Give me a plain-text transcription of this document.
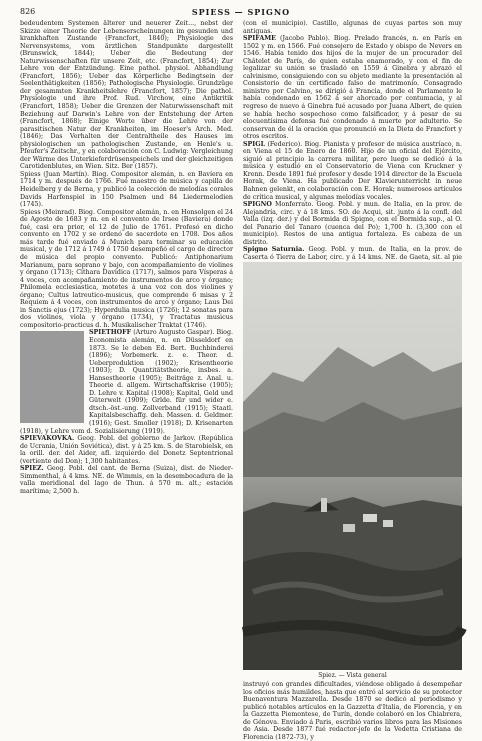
826	SPIESS — SPIGNO

bedeudentem Systemen älterer und neuerer Zeit..., nebst der Skizze einer Theorie der Lebenserscheinungen im gesunden und krankhaften Zustande (Francfort, 1840); Physiologie des Nervensystems, vom ärztlichen Standpunkte dargestellt (Brunswick, 1844); Ueber die Bedeutung der Naturwissenschaften für unsere Zeit, etc. (Francfort, 1854); Zur Lehre von der Entzündung. Eine pathol. physiol. Abhandlung (Francfort, 1856); Ueber das Körperliche Bedingtsein der Seelenthätigkeiten (1856); Pathologische Physiologie. Grundzüge der gesammten Krankheitslehre (Francfort, 1857); Die pathol. Physiologie und ihre Prof. Rud. Virchow, eine Antikritik (Francfort, 1858); Ueber die Grenzen der Naturwissenschaft mit Beziehung auf Darwin's Lehre von der Entstehung der Arten (Francfort, 1868); Einige Worte über die Lehre von der parasitischen Natur der Krankheiten, im Hoeser's Arch. Med. (1846); Das Verhalten der Centraltheile des Hauses im physiologischen un pathologischen Zustande, en Henle's u. Pfeufer's Zeitschr., y en colaboración con C. Ludwig: Vergleichung der Wärme des Unterkieferdrüsenspeichels und der gleichzeitigen Carotidenblutes, en Wien. Sitz. Ber (1857).

Spiess (Juan Martín). Biog. Compositor alemán, n. en Bavíera en 1714 y m. después de 1766. Fué maestro de música y capilla de Heidelberg y de Berna, y publicó la colección de melodías corales Davids Harfenspiel in 150 Psalmen und 84 Liedermelodien (1745).

Spiess (Meinrad). Biog. Compositor alemán, n. en Honsolgen el 24 de Agosto de 1683 y m. en el convento de Irsee (Baviera) donde fué, casi era prior, el 12 de Julio de 1761. Profesó en dicho convento en 1702 y se ordenó de sacerdote en 1708. Dos años más tarde fué enviado á Munich para terminar su educación musical, y de 1712 á 1749 ó 1750 desempeñó el cargo de director de música del propio convento. Publicó: Antiphonarium Marianum, para soprano y bajo, con acompañamiento de violines y órgano (1713); Cithara Davidica (1717), salmos para Vísperas á 4 voces, con acompañamiento de instrumentos de arco y órgano; Philomela ecclesiastica, motetes á una voz con dos violines y órgano; Cultus latreutico-musicus, que comprende 6 misas y 2 Requiem á 4 voces, con instrumentos de arco y órgano; Laus Dei in Sanctis ejus (1723); Hyperdulia musica (1726); 12 sonatas para dos violines, viola y órgano (1734), y Tractatus musicus compositorio-practicus d. h. Musikalischer Traktat (1746).

SPIETHOFF (Arturo Augusto Gaspar). Biog. Economista alemán, n. en Düsseldorf en 1873. Se le deben Ed. Bert. Buchbinderei (1896); Vorbemerk. z. e. Theor. d. Ueberproduktion (1902); Krisentheorie (1903); D. Quantitätstheorie, insbes. a. Hansestheorie (1905); Beiträge z. Anal. u. Theorie d. allgem. Wirtschaftskrise (1905); D. Lehre v. Kapital (1908); Kapital, Geld und Güterwelt (1909); Grlde. für und wider e. dtsch.-öst.-ung. Zollverband (1915); Staatl. Kapitalsbeschaffg. deh. Massen. d. Geldmer. (1916); Gest. Smoller (1918); D. Krisenarten (1918), y Lehre vom d. Sozialisierung (1919).

SPIEVAKOVKA. Geog. Pobl. del gobierno de Jarkov. (República de Ucrania, Unión Soviética), dist. y á 25 km. S. de Starobielsk, en la orill. der. del Aider, afl. izquierdo del Donetz Septentrional (vertiente del Don); 1,300 habitantes.

SPIEZ. Geog. Pobl. del cant. de Berna (Suiza), dist. de Nieder-Simmenthal, á 4 kms. NE. de Wimmis, en la desembocadura de la valla meridional del lago de Thun. á 570 m. alt.; estación marítima; 2,500 h.

(con el municipio). Castillo, algunas de cuyas partes son muy antiguas.

SPIFAME (Jacobo Pablo). Biog. Prelado francés, n. en París en 1502 y m. en 1566. Fué consejero de Estado y obispo de Nevers en 1546. Había tenido dos hijos de la mujer de un procurador del Châtelet de París, de quien estaba enamorado, y con el fin de legalizar su unión se trasladó en 1559 á Ginebra y abrazó el calvinismo, consiguiendo con su objeto mediante la presentación al Consistorio de un certificado falso de matrimonio. Consagrado ministro por Calvino, se dirigió á Francia, donde el Parlamento le había condenado en 1562 á ser ahorcado por contumacia, y al regreso de nuevo á Ginebra fué acusado por Juana Albert, de quien se había hecho sospechoso como falsificador, y á pesar de su elocuentísima defensa fué condenado á muerte por adulterio. Se conservan de él la oración que pronunció en la Dieta de Francfort y otros escritos.

SPIGL (Federico). Biog. Pianista y profesor de música austríaco, n. en Viena el 15 de Enero de 1860. Hijo de un oficial del Ejército, siguió al principio la carrera militar, pero luego se dedicó á la música y estudió en el Conservatorio de Viena con Kruckner y Krenn. Desde 1891 fué profesor y desde 1914 director de la Escuela Horak, de Viena. Ha publicado Der Klavierunterricht in neue Bahnen gelenkt, en colaboración con E. Horak; numerosos artículos de crítica musical, y algunas melodías vocales.

SPIGNO Monferrato. Geog. Pobl. y mun. de Italia, en la prov. de Alejandría, circ. y á 18 kms. SO. de Acqui, sit. junto á la confl. del Valla (izq. der.) y del Bormida di Spigno, con el Bormida sup., al O. del Panario del Tanaro (cuenca del Po); 1,700 h. (3,300 con el municipio). Restos de una antigua fortaleza. Es cabeza de un distrito.

Spigno Saturnia. Geog. Pobl. y mun. de Italia, en la prov. de Caserta ó Tierra de Labor, circ. y á 14 kms. NE. de Gaeta, sit. al pie

Spiez. — Vista general
instruyó con grandes dificultades, viéndose obligado á desempeñar los oficios más humildes, hasta que entró al servicio de su protector Buenaventura Mazzarella. Desde 1870 se dedicó al periodismo y publicó notables artículos en la Gazzetta d'Italia, de Florencia, y en la Gazzetta Piemontese, de Turín, donde colaboró en los Chiabrera, de Génova. Enviado á Paris, escribió varios libros para las Misiones de Asia. Desde 1877 fué redactor-jefe de la Vedetta Cristiana de Florencia (1872-73), y
